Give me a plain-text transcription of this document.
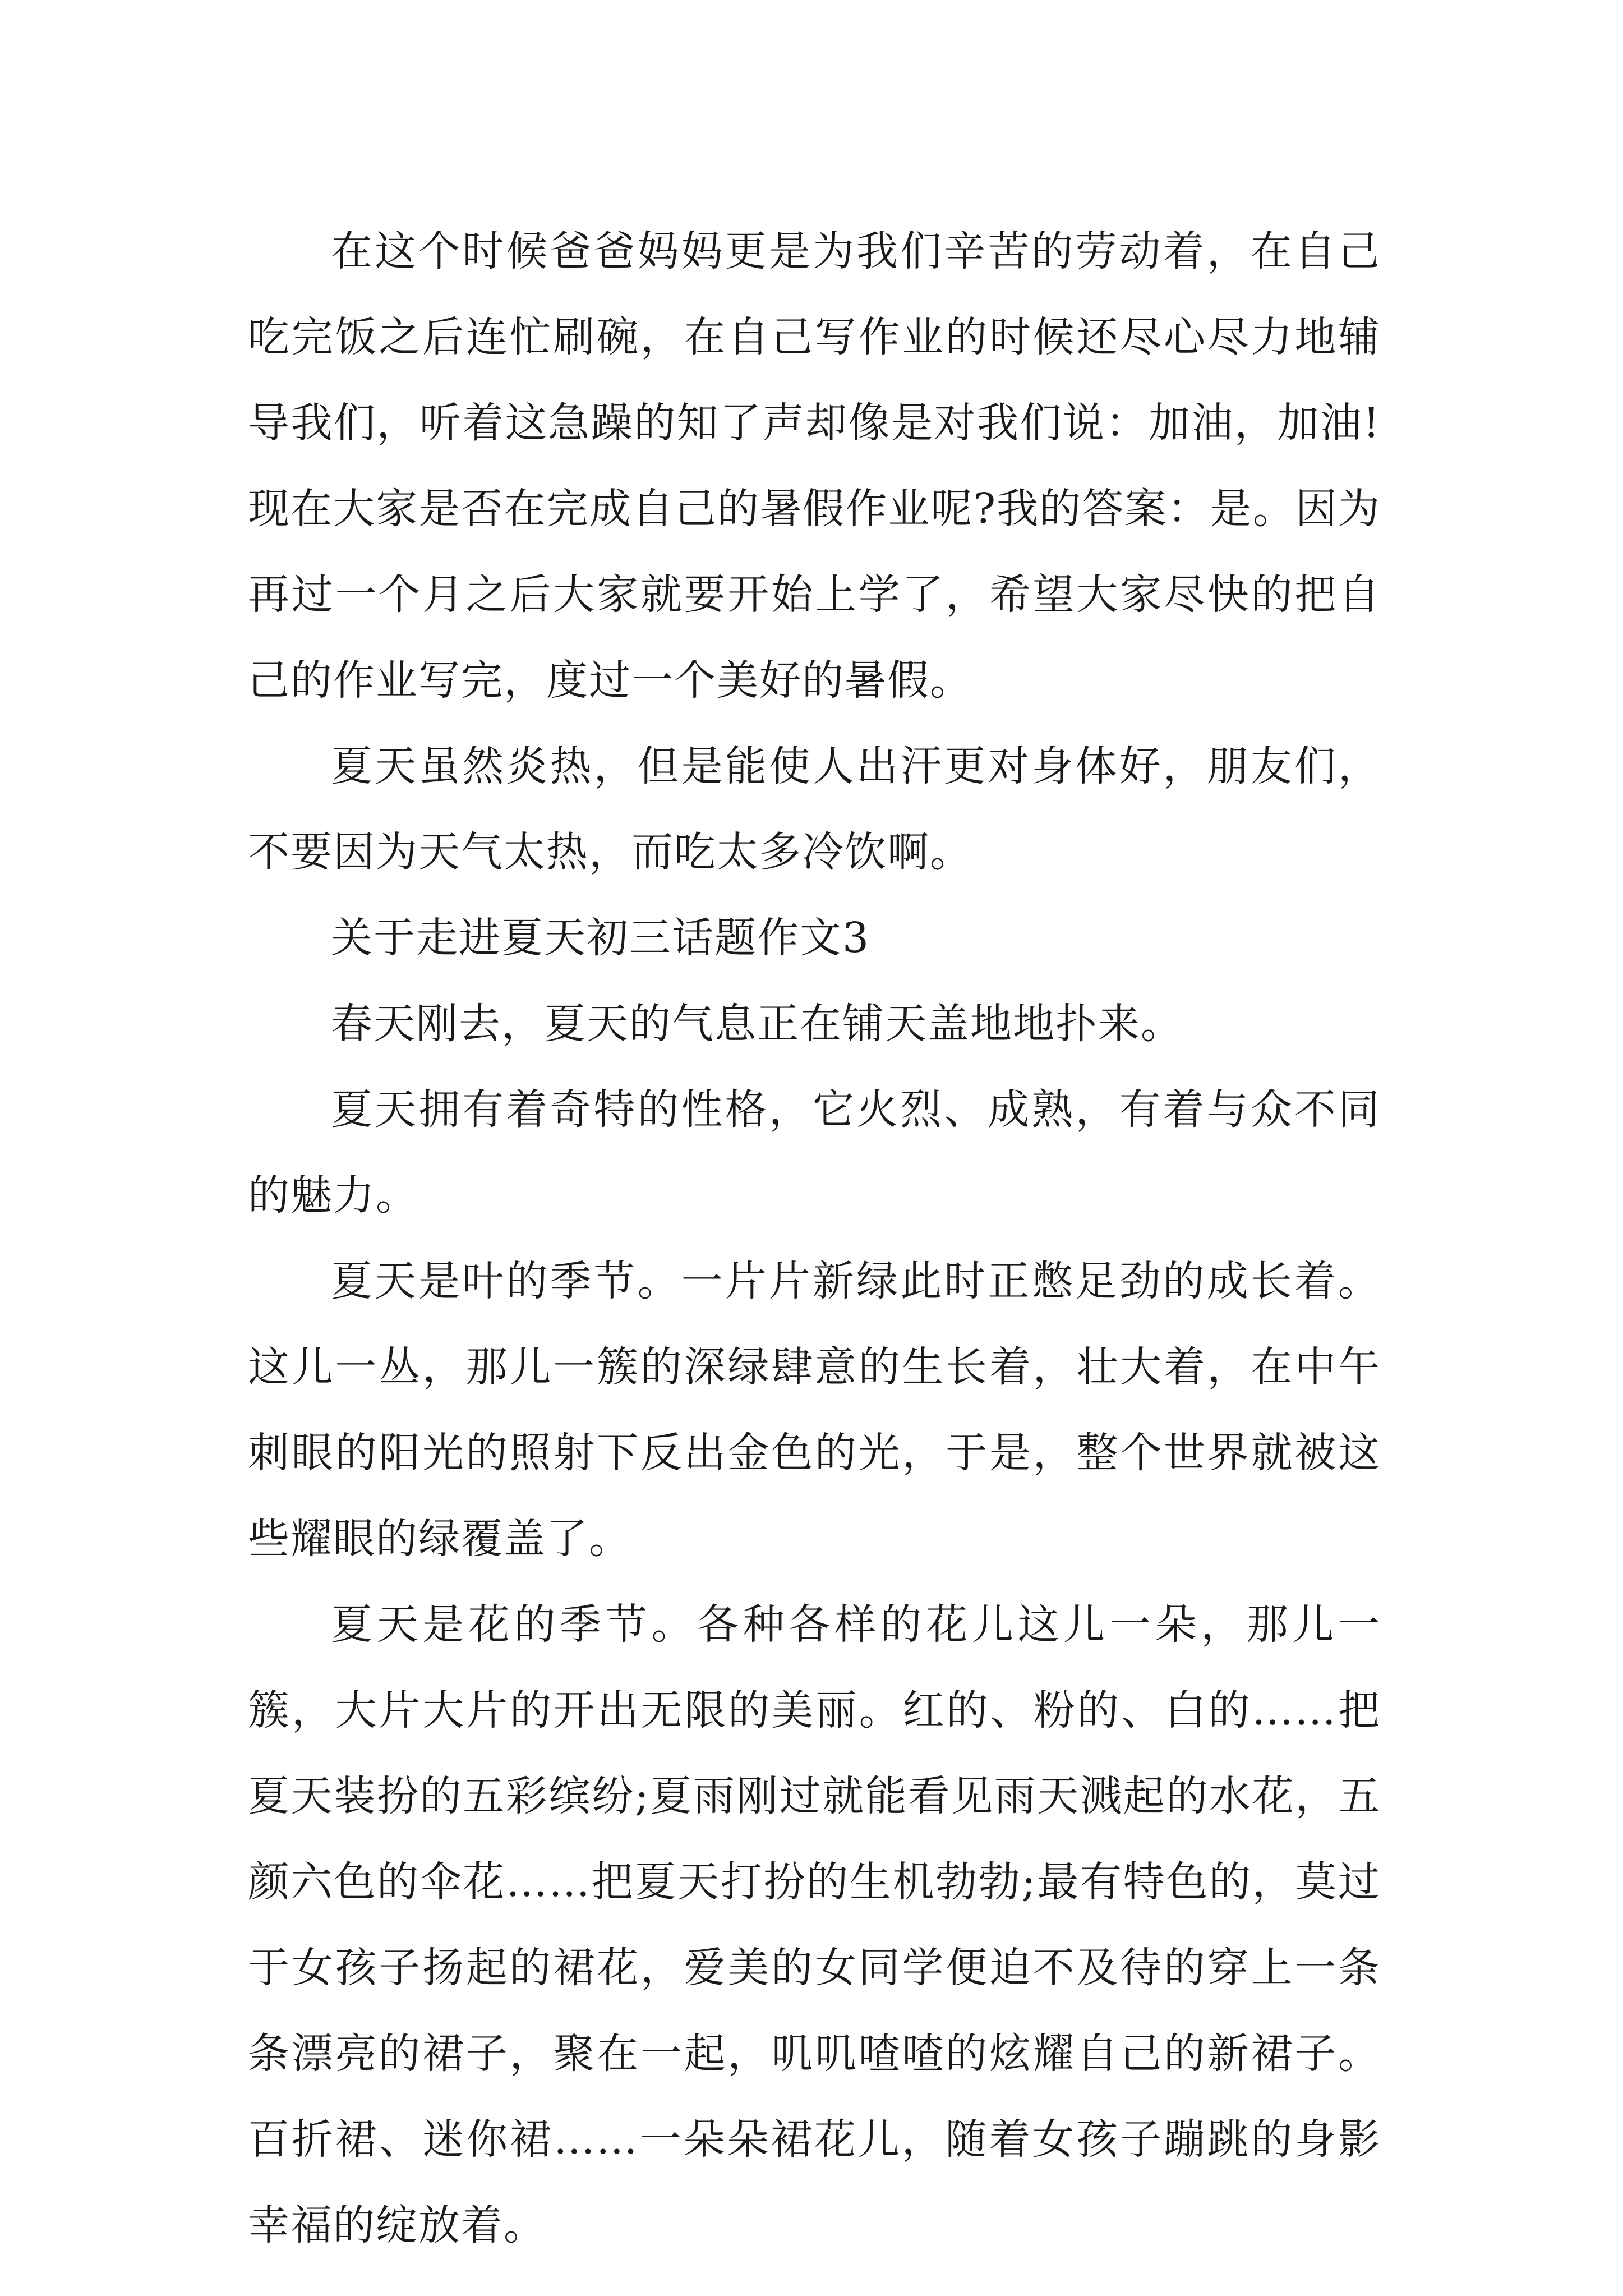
在这个时候爸爸妈妈更是为我们辛苦的劳动着，在自己吃完饭之后连忙刷碗，在自己写作业的时候还尽心尽力地辅导我们，听着这急躁的知了声却像是对我们说：加油，加油!现在大家是否在完成自己的暑假作业呢?我的答案：是。因为再过一个月之后大家就要开始上学了，希望大家尽快的把自己的作业写完，度过一个美好的暑假。

夏天虽然炎热，但是能使人出汗更对身体好，朋友们，不要因为天气太热，而吃太多冷饮啊。

关于走进夏天初三话题作文3

春天刚去，夏天的气息正在铺天盖地地扑来。

夏天拥有着奇特的性格，它火烈、成熟，有着与众不同的魅力。

夏天是叶的季节。一片片新绿此时正憋足劲的成长着。这儿一丛，那儿一簇的深绿肆意的生长着，壮大着，在中午刺眼的阳光的照射下反出金色的光，于是，整个世界就被这些耀眼的绿覆盖了。

夏天是花的季节。各种各样的花儿这儿一朵，那儿一簇，大片大片的开出无限的美丽。红的、粉的、白的……把夏天装扮的五彩缤纷;夏雨刚过就能看见雨天溅起的水花，五颜六色的伞花……把夏天打扮的生机勃勃;最有特色的，莫过于女孩子扬起的裙花，爱美的女同学便迫不及待的穿上一条条漂亮的裙子，聚在一起，叽叽喳喳的炫耀自己的新裙子。百折裙、迷你裙……一朵朵裙花儿，随着女孩子蹦跳的身影幸福的绽放着。
